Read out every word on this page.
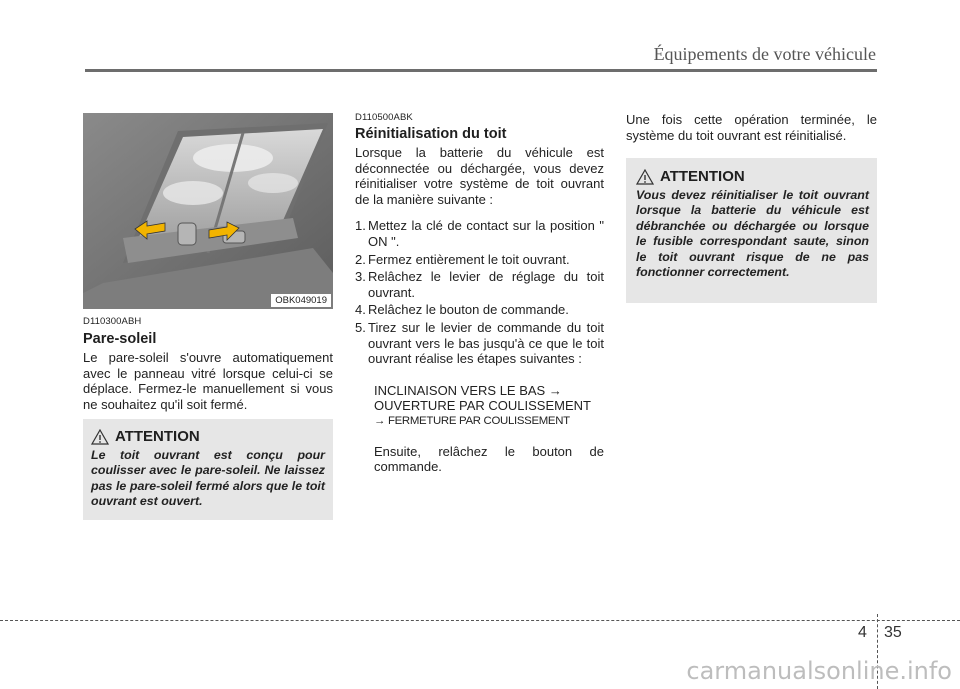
Équipements de votre véhicule
OBK049019
D110300ABH
Pare-soleil

Le pare-soleil s'ouvre automatiquement avec le panneau vitré lorsque celui-ci se déplace. Fermez-le manuellement si vous ne souhaitez qu'il soit fermé.

ATTENTION

Le toit ouvrant est conçu pour coulisser avec le pare-soleil. Ne laissez pas le pare-soleil fermé alors que le toit ouvrant est ouvert.

D110500ABK
Réinitialisation du toit

Lorsque la batterie du véhicule est déconnectée ou déchargée, vous devez réinitialiser votre système de toit ouvrant de la manière suivante :

1. Mettez la clé de contact sur la position " ON ".
2. Fermez entièrement le toit ouvrant.
3. Relâchez le levier de réglage du toit ouvrant.
4. Relâchez le bouton de commande.
5. Tirez sur le levier de commande du toit ouvrant vers le bas jusqu'à ce que le toit ouvrant réalise les étapes suivantes :
INCLINAISON VERS LE BAS →
OUVERTURE PAR COULISSEMENT
→ FERMETURE PAR COULISSEMENT

Ensuite, relâchez le bouton de commande.

Une fois cette opération terminée, le système du toit ouvrant est réinitialisé.

ATTENTION

Vous devez réinitialiser le toit ouvrant lorsque la batterie du véhicule est débranchée ou déchargée ou lorsque le fusible correspondant saute, sinon le toit ouvrant risque de ne pas fonctionner correctement.

4 35
carmanualsonline.info
